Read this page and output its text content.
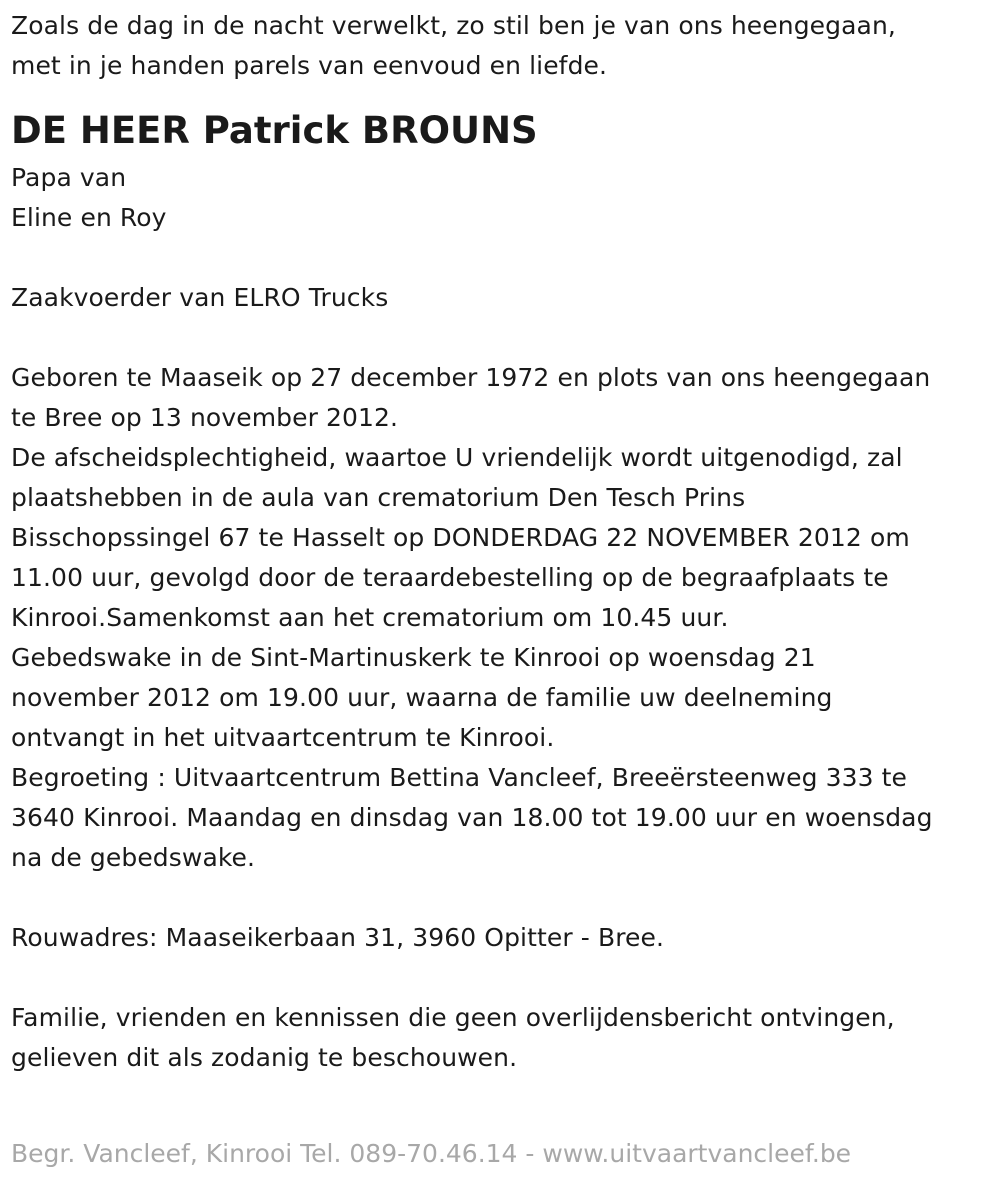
Zoals de dag in de nacht verwelkt, zo stil ben je van ons heengegaan,
met in je handen parels van eenvoud en liefde.
DE HEER Patrick BROUNS
Papa van
Eline en Roy
Zaakvoerder van ELRO Trucks
Geboren te Maaseik op 27 december 1972 en plots van ons heengegaan
te Bree op 13 november 2012.
De afscheidsplechtigheid, waartoe U vriendelijk wordt uitgenodigd, zal
plaatshebben in de aula van crematorium Den Tesch Prins
Bisschopssingel 67 te Hasselt op DONDERDAG 22 NOVEMBER 2012 om
11.00 uur, gevolgd door de teraardebestelling op de begraafplaats te
Kinrooi.Samenkomst aan het crematorium om 10.45 uur.
Gebedswake in de Sint-Martinuskerk te Kinrooi op woensdag 21
november 2012 om 19.00 uur, waarna de familie uw deelneming
ontvangt in het uitvaartcentrum te Kinrooi.
Begroeting : Uitvaartcentrum Bettina Vancleef, Breeërsteenweg 333 te
3640 Kinrooi. Maandag en dinsdag van 18.00 tot 19.00 uur en woensdag
na de gebedswake.
Rouwadres: Maaseikerbaan 31, 3960 Opitter - Bree.
Familie, vrienden en kennissen die geen overlijdensbericht ontvingen,
gelieven dit als zodanig te beschouwen.
Begr. Vancleef, Kinrooi Tel. 089-70.46.14 - www.uitvaartvancleef.be
